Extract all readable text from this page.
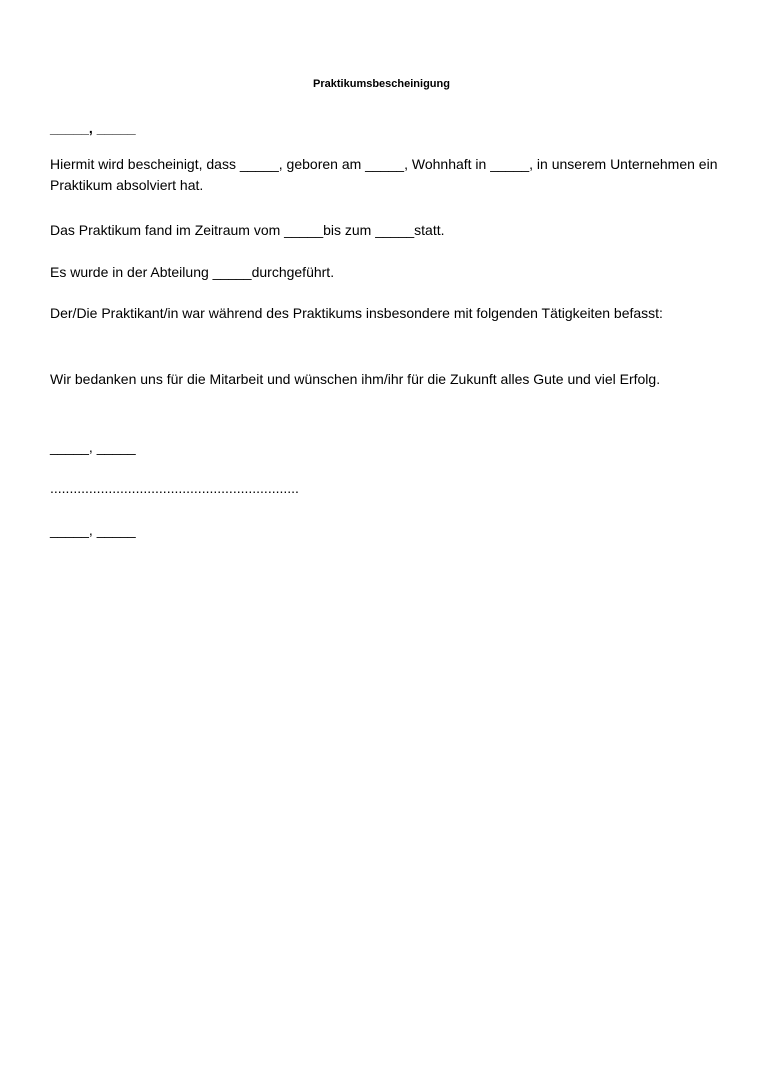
Praktikumsbescheinigung
_____, _____
Hiermit wird bescheinigt, dass _____, geboren am _____, Wohnhaft in _____, in unserem Unternehmen ein Praktikum absolviert hat.
Das Praktikum fand im Zeitraum vom _____bis zum _____statt.
Es wurde in der Abteilung _____durchgeführt.
Der/Die Praktikant/in war während des Praktikums insbesondere mit folgenden Tätigkeiten befasst:
Wir bedanken uns für die Mitarbeit und wünschen ihm/ihr für die Zukunft alles Gute und viel Erfolg.
_____, _____
................................................................
_____, _____
